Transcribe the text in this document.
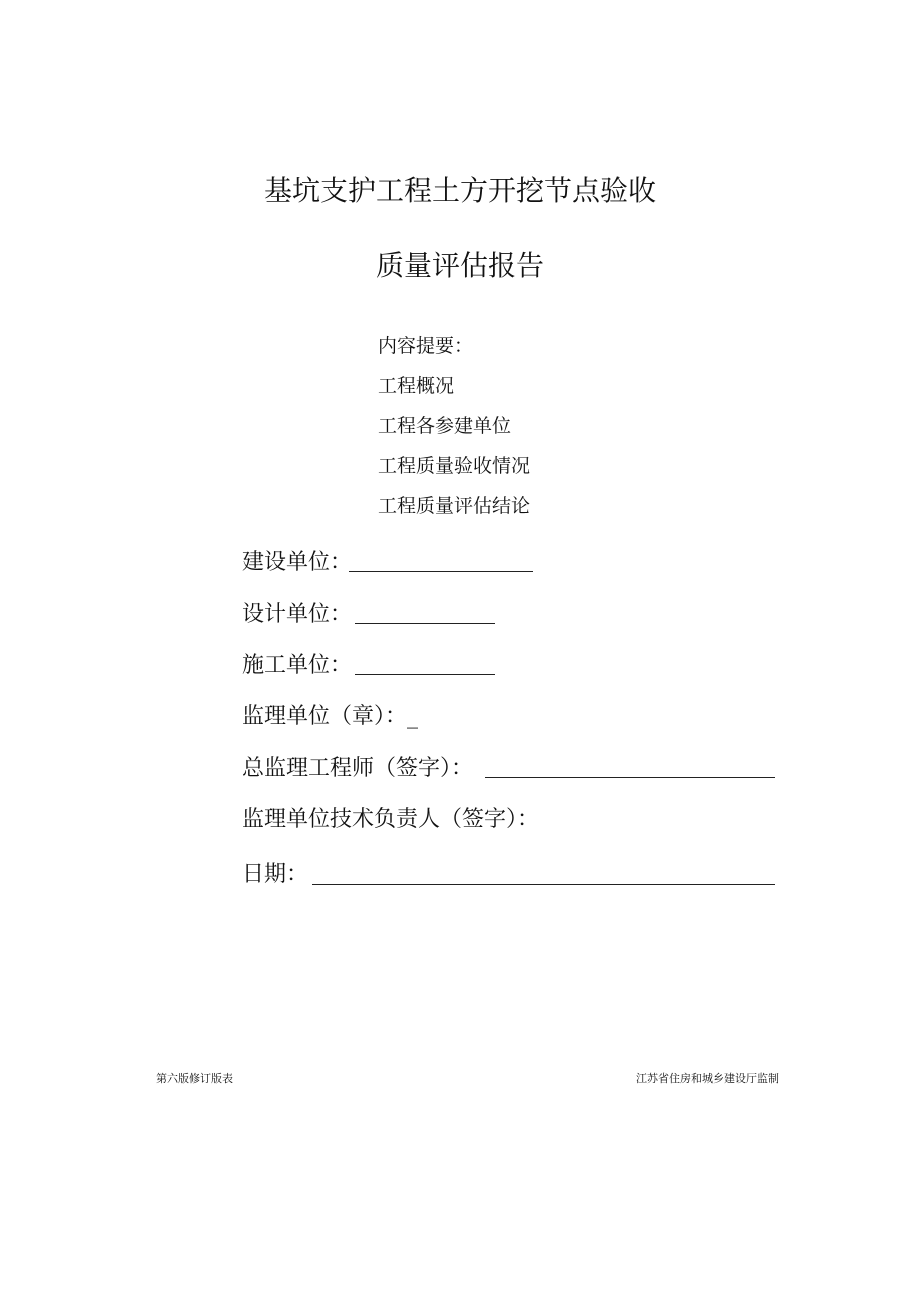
基坑支护工程土方开挖节点验收
质量评估报告
内容提要：
工程概况
工程各参建单位
工程质量验收情况
工程质量评估结论
建设单位：
设计单位：
施工单位：
监理单位（章）：_
总监理工程师（签字）：
监理单位技术负责人（签字）：
日期：
第六版修订版表	江苏省住房和城乡建设厅监制
